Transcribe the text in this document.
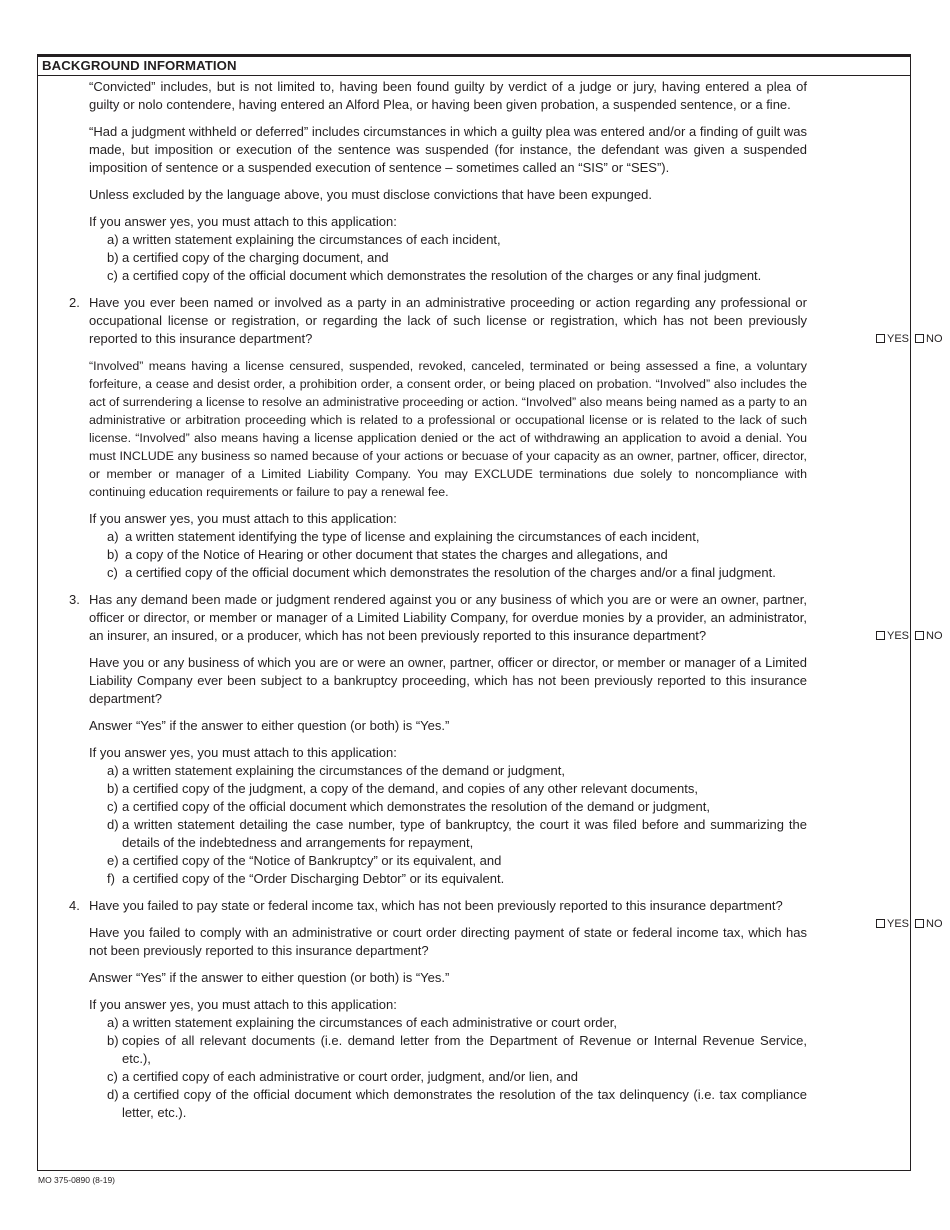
BACKGROUND INFORMATION

“Convicted” includes, but is not limited to, having been found guilty by verdict of a judge or jury, having entered a plea of guilty or nolo contendere, having entered an Alford Plea, or having been given probation, a suspended sentence, or a fine.

“Had a judgment withheld or deferred” includes circumstances in which a guilty plea was entered and/or a finding of guilt was made, but imposition or execution of the sentence was suspended (for instance, the defendant was given a suspended imposition of sentence or a suspended execution of sentence – sometimes called an “SIS” or “SES”).

Unless excluded by the language above, you must disclose convictions that have been expunged.

If you answer yes, you must attach to this application:

a) a written statement explaining the circumstances of each incident,
b) a certified copy of the charging document, and
c) a certified copy of the official document which demonstrates the resolution of the charges or any final judgment.
2. Have you ever been named or involved as a party in an administrative proceeding or action regarding any professional or occupational license or registration, or regarding the lack of such license or registration, which has not been previously reported to this insurance department?	YES NO

“Involved” means having a license censured, suspended, revoked, canceled, terminated or being assessed a fine, a voluntary forfeiture, a cease and desist order, a prohibition order, a consent order, or being placed on probation. “Involved” also includes the act of surrendering a license to resolve an administrative proceeding or action. “Involved” also means being named as a party to an administrative or arbitration proceeding which is related to a professional or occupational license or is related to the lack of such license. “Involved” also means having a license application denied or the act of withdrawing an application to avoid a denial. You must INCLUDE any business so named because of your actions or becuase of your capacity as an owner, partner, officer, director, or member or manager of a Limited Liability Company. You may EXCLUDE terminations due solely to noncompliance with continuing education requirements or failure to pay a renewal fee.

If you answer yes, you must attach to this application:

a) a written statement identifying the type of license and explaining the circumstances of each incident,
b) a copy of the Notice of Hearing or other document that states the charges and allegations, and
c) a certified copy of the official document which demonstrates the resolution of the charges and/or a final judgment.
3. Has any demand been made or judgment rendered against you or any business of which you are or were an owner, partner, officer or director, or member or manager of a Limited Liability Company, for overdue monies by a provider, an administrator, an insurer, an insured, or a producer, which has not been previously reported to this insurance department?	YES NO

Have you or any business of which you are or were an owner, partner, officer or director, or member or manager of a Limited Liability Company ever been subject to a bankruptcy proceeding, which has not been previously reported to this insurance department?

Answer “Yes” if the answer to either question (or both) is “Yes.”

If you answer yes, you must attach to this application:

a) a written statement explaining the circumstances of the demand or judgment,
b) a certified copy of the judgment, a copy of the demand, and copies of any other relevant documents,
c) a certified copy of the official document which demonstrates the resolution of the demand or judgment,
d) a written statement detailing the case number, type of bankruptcy, the court it was filed before and summarizing the details of the indebtedness and arrangements for repayment,
e) a certified copy of the “Notice of Bankruptcy” or its equivalent, and
f) a certified copy of the “Order Discharging Debtor” or its equivalent.
4. Have you failed to pay state or federal income tax, which has not been previously reported to this insurance department?

YES NO

Have you failed to comply with an administrative or court order directing payment of state or federal income tax, which has not been previously reported to this insurance department?

Answer “Yes” if the answer to either question (or both) is “Yes.”

If you answer yes, you must attach to this application:

a) a written statement explaining the circumstances of each administrative or court order,
b) copies of all relevant documents (i.e. demand letter from the Department of Revenue or Internal Revenue Service, etc.),
c) a certified copy of each administrative or court order, judgment, and/or lien, and
d) a certified copy of the official document which demonstrates the resolution of the tax delinquency (i.e. tax compliance letter, etc.).
MO 375-0890 (8-19)
